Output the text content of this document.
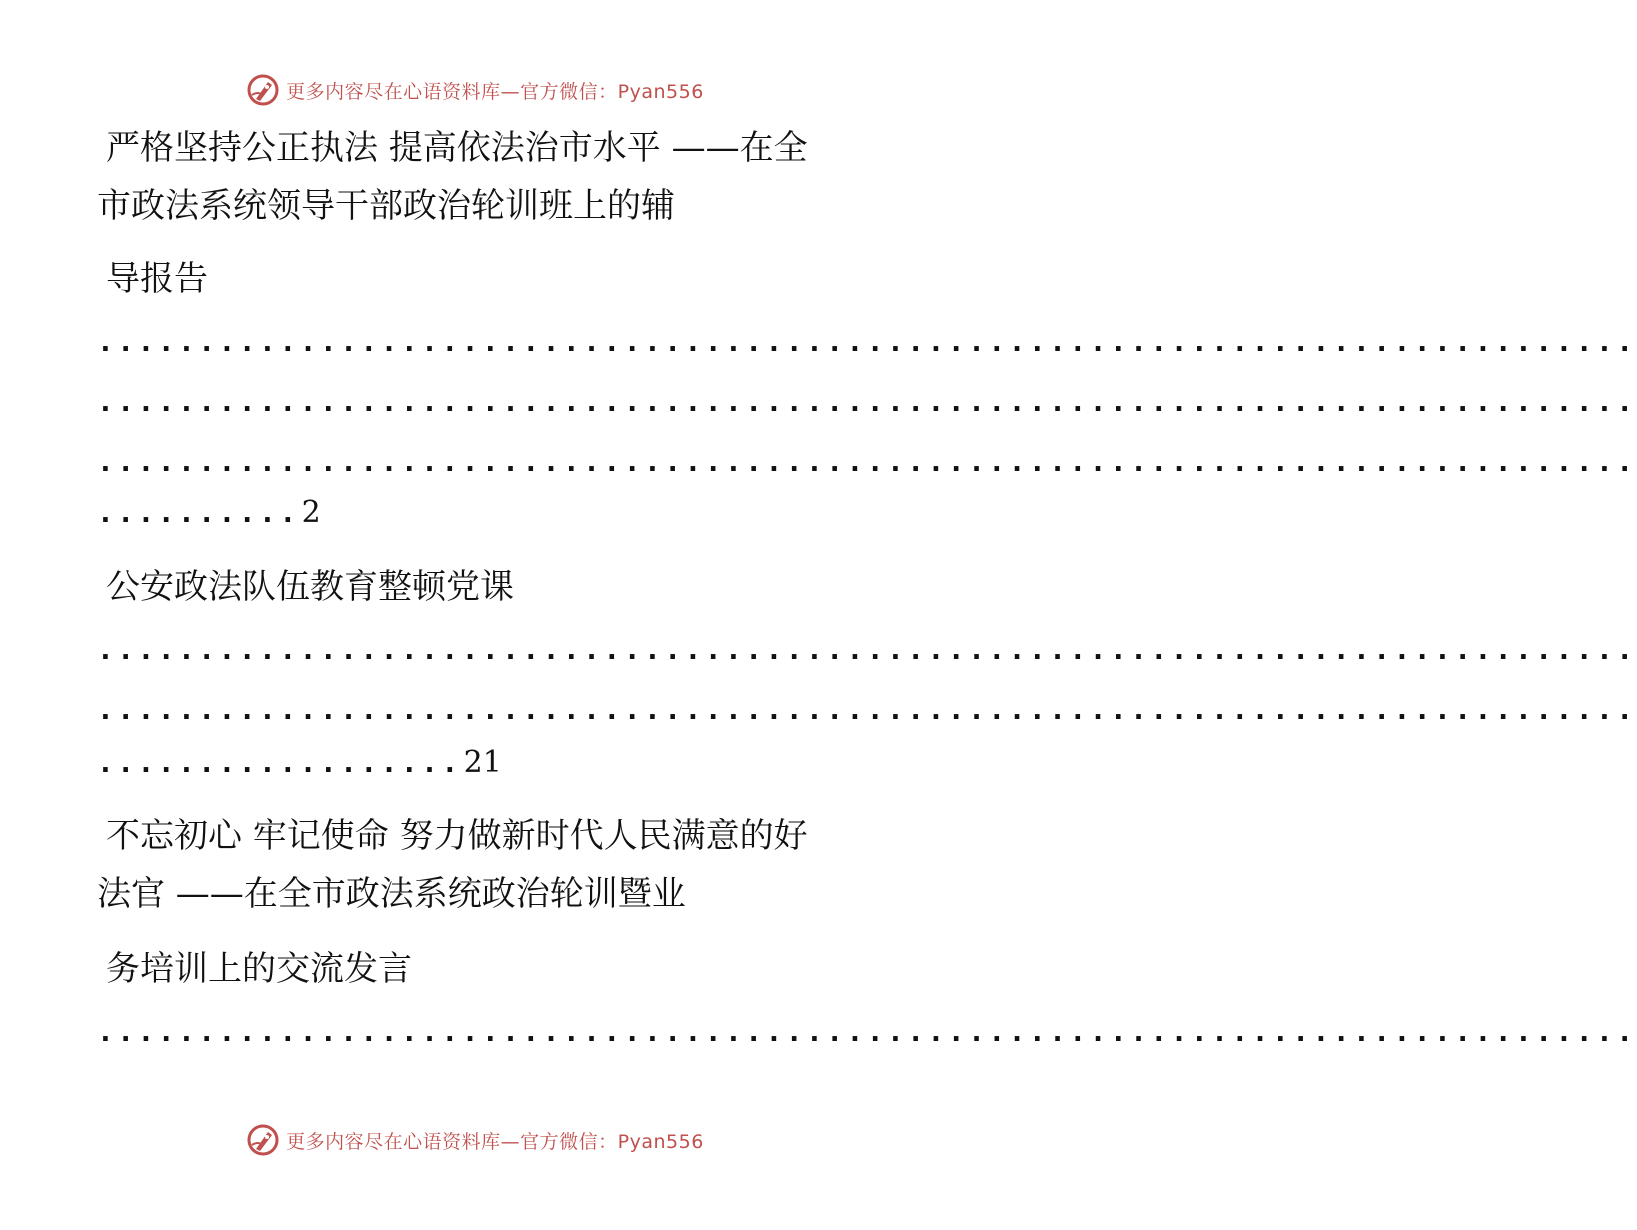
更多内容尽在心语资料库—官方微信：Pyan556
严格坚持公正执法 提高依法治市水平 ——在全
市政法系统领导干部政治轮训班上的辅
导报告
............................................................................
............................................................................
............................................................................
..........2
公安政法队伍教育整顿党课
............................................................................
............................................................................
..................21
不忘初心 牢记使命 努力做新时代人民满意的好
法官 ——在全市政法系统政治轮训暨业
务培训上的交流发言
............................................................................
更多内容尽在心语资料库—官方微信：Pyan556
